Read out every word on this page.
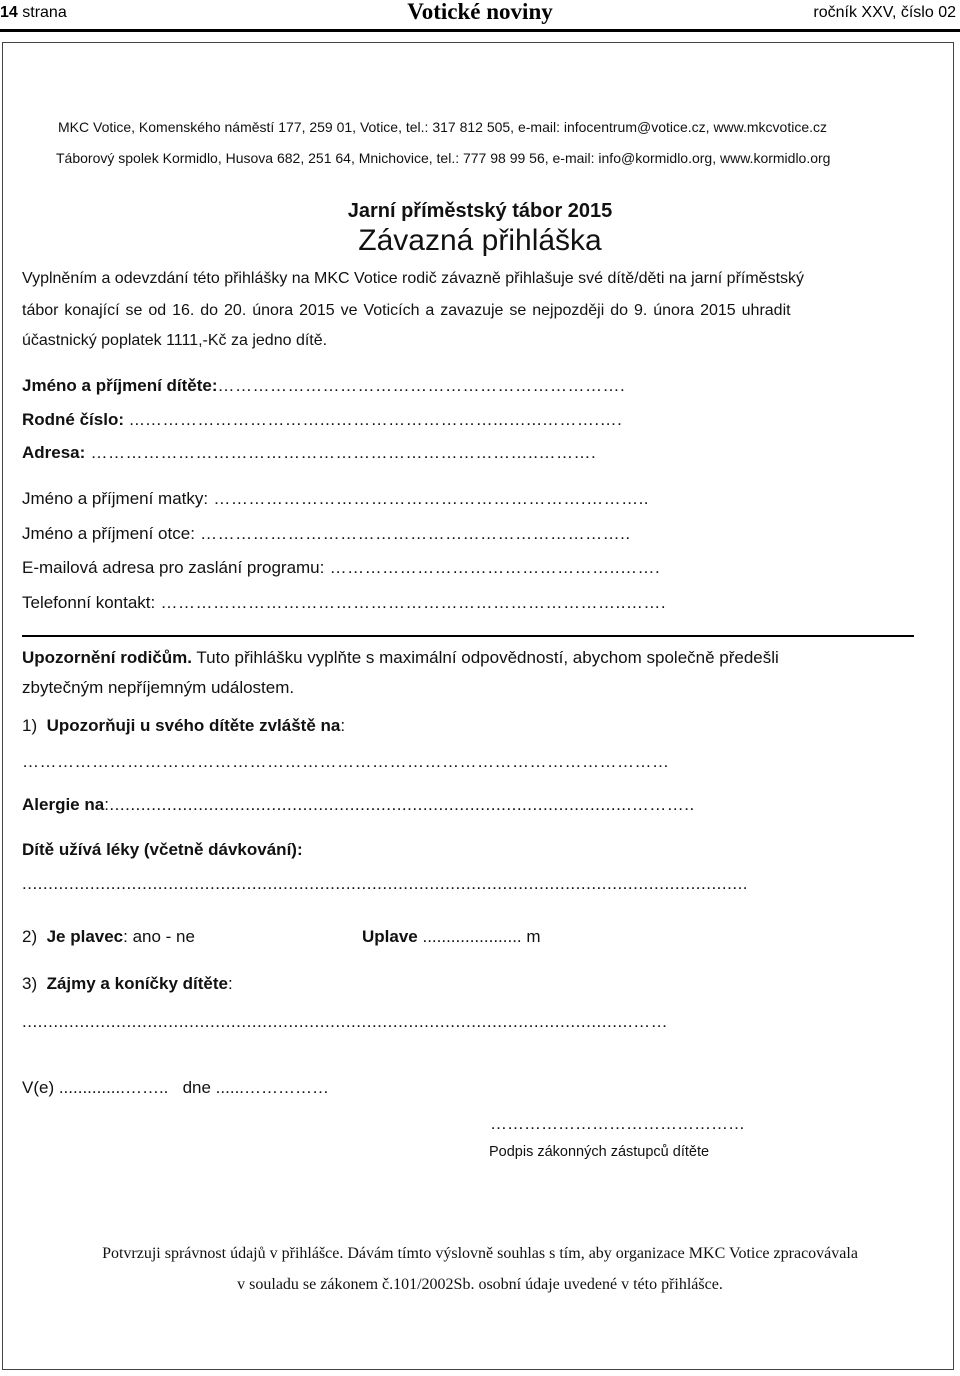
14 strana	Votické noviny	ročník XXV, číslo 02
MKC Votice, Komenského náměstí 177, 259 01, Votice, tel.: 317 812 505, e-mail: infocentrum@votice.cz, www.mkcvotice.cz
Táborový spolek Kormidlo, Husova 682, 251 64, Mnichovice, tel.: 777 98 99 56, e-mail: info@kormidlo.org, www.kormidlo.org
Jarní příměstský tábor 2015
Závazná přihláška
Vyplněním a odevzdání této přihlášky na MKC Votice rodič závazně přihlašuje své dítě/děti na jarní příměstský
tábor konající se od 16. do 20. února 2015 ve Voticích a zavazuje se nejpozději do 9. února 2015 uhradit
účastnický poplatek 1111,-Kč za jedno dítě.
Jméno a příjmení dítěte:…………………………………………………………….
Rodné číslo: ...…………………………...………………………...…...……….….
Adresa: …………………………………………………………………..……….
Jméno a příjmení matky: ……………………………………………………….………..
Jméno a příjmení otce: ………………………………………………………………..
E-mailová adresa pro zaslání programu: …………………………………………..…….
Telefonní kontakt: ……………………………………………………………………..…….
Upozornění rodičům. Tuto přihlášku vyplňte s maximální odpovědností, abychom společně předešli
zbytečným nepříjemným událostem.
1) Upozorňuji u svého dítěte zvláště na:
…………………………………………………………………………………………………
Alergie na:....................................................................................................………..
Dítě užívá léky (včetně dávkování):
...........................................................................................................................................
2) Je plavec: ano - ne	Uplave ..................... m
3) Zájmy a koníčky dítěte:
.....................................................................................................................……
V(e) ..............……..   dne ......……………
………………………………………
Podpis zákonných zástupců dítěte
Potvrzuji správnost údajů v přihlášce. Dávám tímto výslovně souhlas s tím, aby organizace MKC Votice zpracovávala
v souladu se zákonem č.101/2002Sb. osobní údaje uvedené v této přihlášce.
